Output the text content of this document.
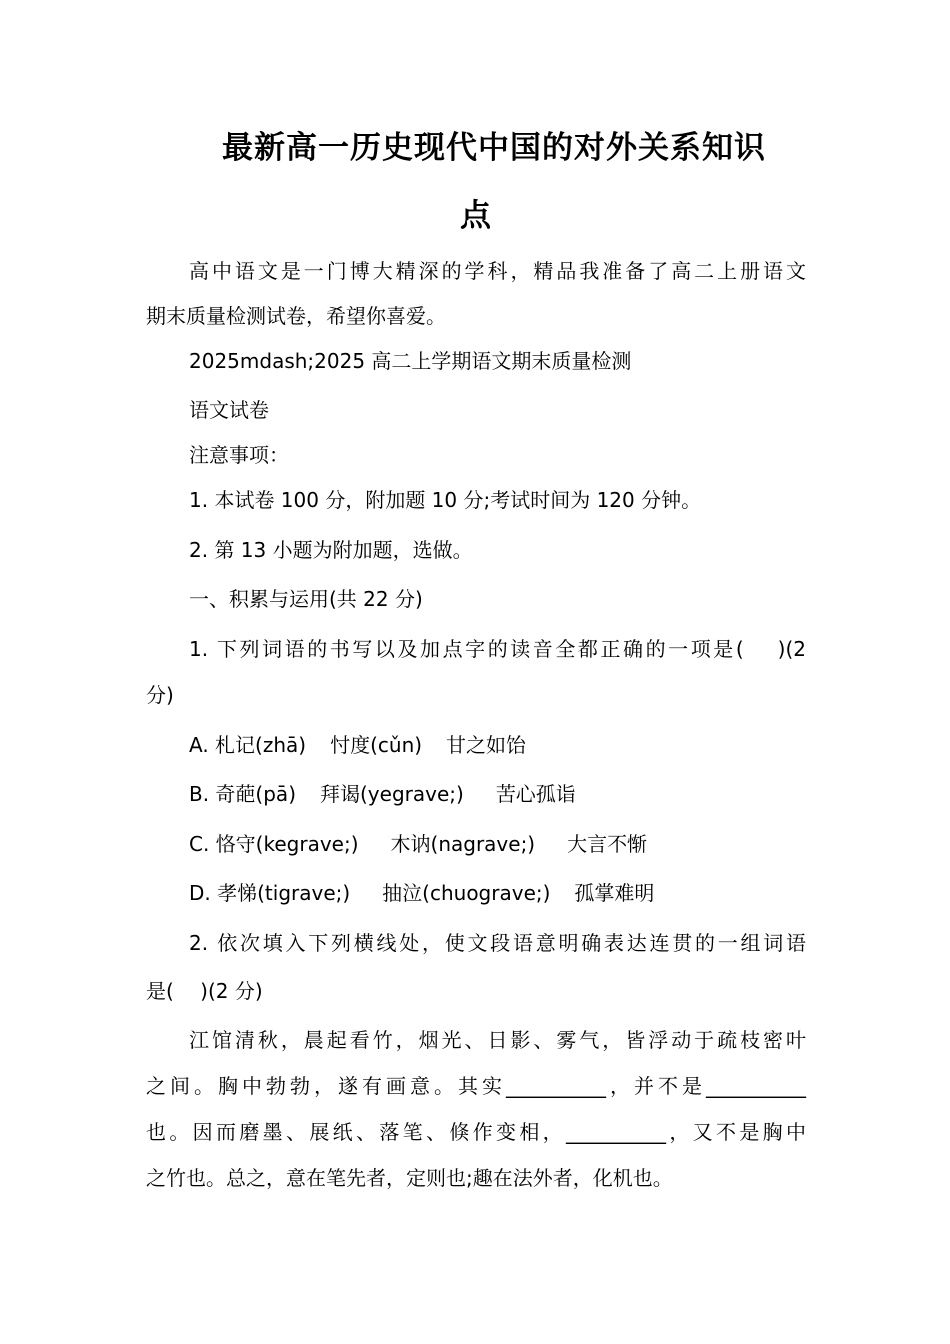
最新高一历史现代中国的对外关系知识
点
高中语文是一门博大精深的学科，精品我准备了高二上册语文
期末质量检测试卷，希望你喜爱。
2025mdash;2025 高二上学期语文期末质量检测
语文试卷
注意事项：
1. 本试卷 100 分，附加题 10 分;考试时间为 120 分钟。
2. 第 13 小题为附加题，选做。
一、积累与运用(共 22 分)
1. 下列词语的书写以及加点字的读音全都正确的一项是(　 )(2
分)
A. 札记(zhā) 忖度(cǔn) 甘之如饴
B. 奇葩(pā) 拜谒(yegrave;) 苦心孤诣
C. 恪守(kegrave;) 木讷(nagrave;) 大言不惭
D. 孝悌(tigrave;) 抽泣(chuograve;) 孤掌难明
2. 依次填入下列横线处，使文段语意明确表达连贯的一组词语
是(　 )(2 分)
江馆清秋，晨起看竹，烟光、日影、雾气，皆浮动于疏枝密叶
之间。胸中勃勃，遂有画意。其实__________，并不是__________
也。因而磨墨、展纸、落笔、倏作变相，__________，又不是胸中
之竹也。总之，意在笔先者，定则也;趣在法外者，化机也。
